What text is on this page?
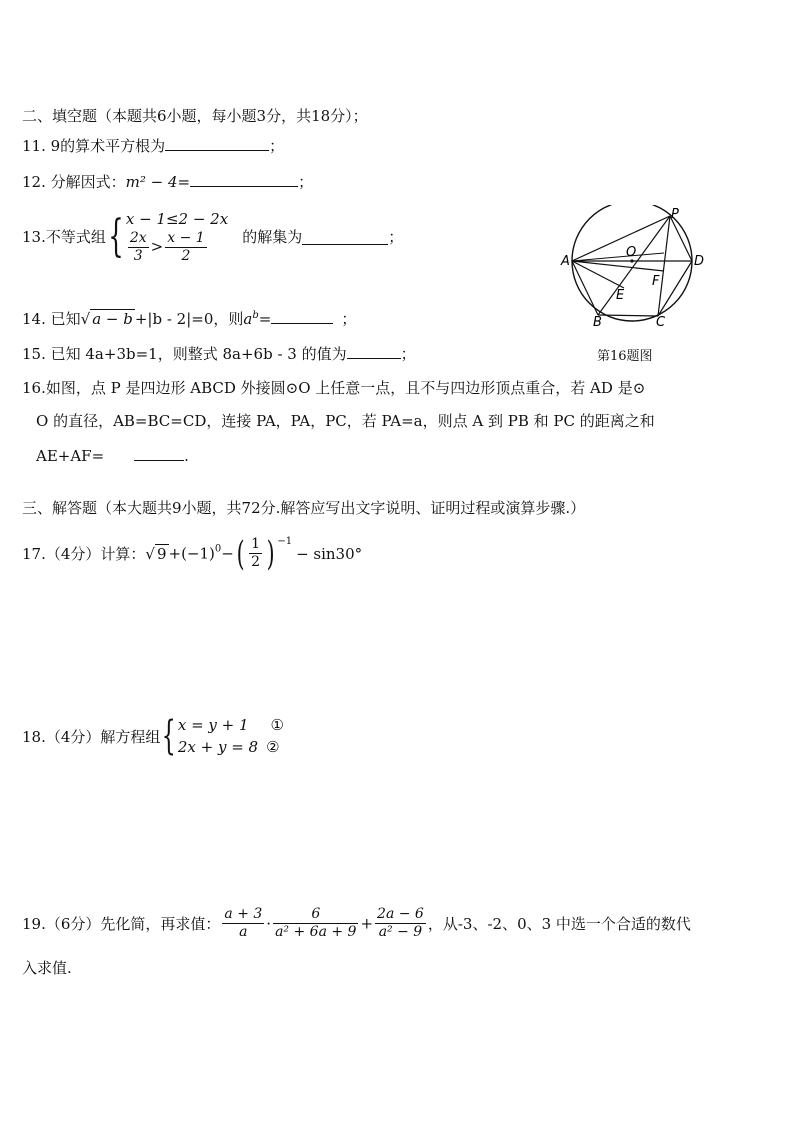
二、填空题（本题共6小题，每小题3分，共18分）；
11. 9的算术平方根为	；
12. 分解因式：m² − 4=	；
13.不等式组{ x − 1≤2 − 2x
$\frac{2x}{3} > \frac{x - 1}{2}$ 的解集为	；
14. 已知√ a − b +|b - 2|=0，则$a^b=$	；
15. 已知 4a+3b=1，则整式 8a+6b - 3 的值为	；
A	D
P
O
E
F
B	C
第16题图
16.如图，点 P 是四边形 ABCD 外接圆⊙O 上任意一点，且不与四边形顶点重合，若 AD 是⊙
O 的直径，AB=BC=CD，连接 PA，PA，PC，若 PA=a，则点 A 到 PB 和 PC 的距离之和
AE+AF=	.
三、解答题（本大题共9小题，共72分.解答应写出文字说明、证明过程或演算步骤.）
17.（4分）计算：√ $9 +(-1)^0-( \frac{1}{2}$ ) $^{-1}$− sin30°
18.（4分）解方程组{ x = y + 1 ①
2x + y = 8 ②
19.（6分）先化简，再求值： $\frac{a + 3}{a} \cdot \frac{6}{\text{a² + 6a + 9}} + \frac{2a - 6}{\text{a² − 9}}$ ，从-3、-2、0、3 中选一个合适的数代
入求值.
